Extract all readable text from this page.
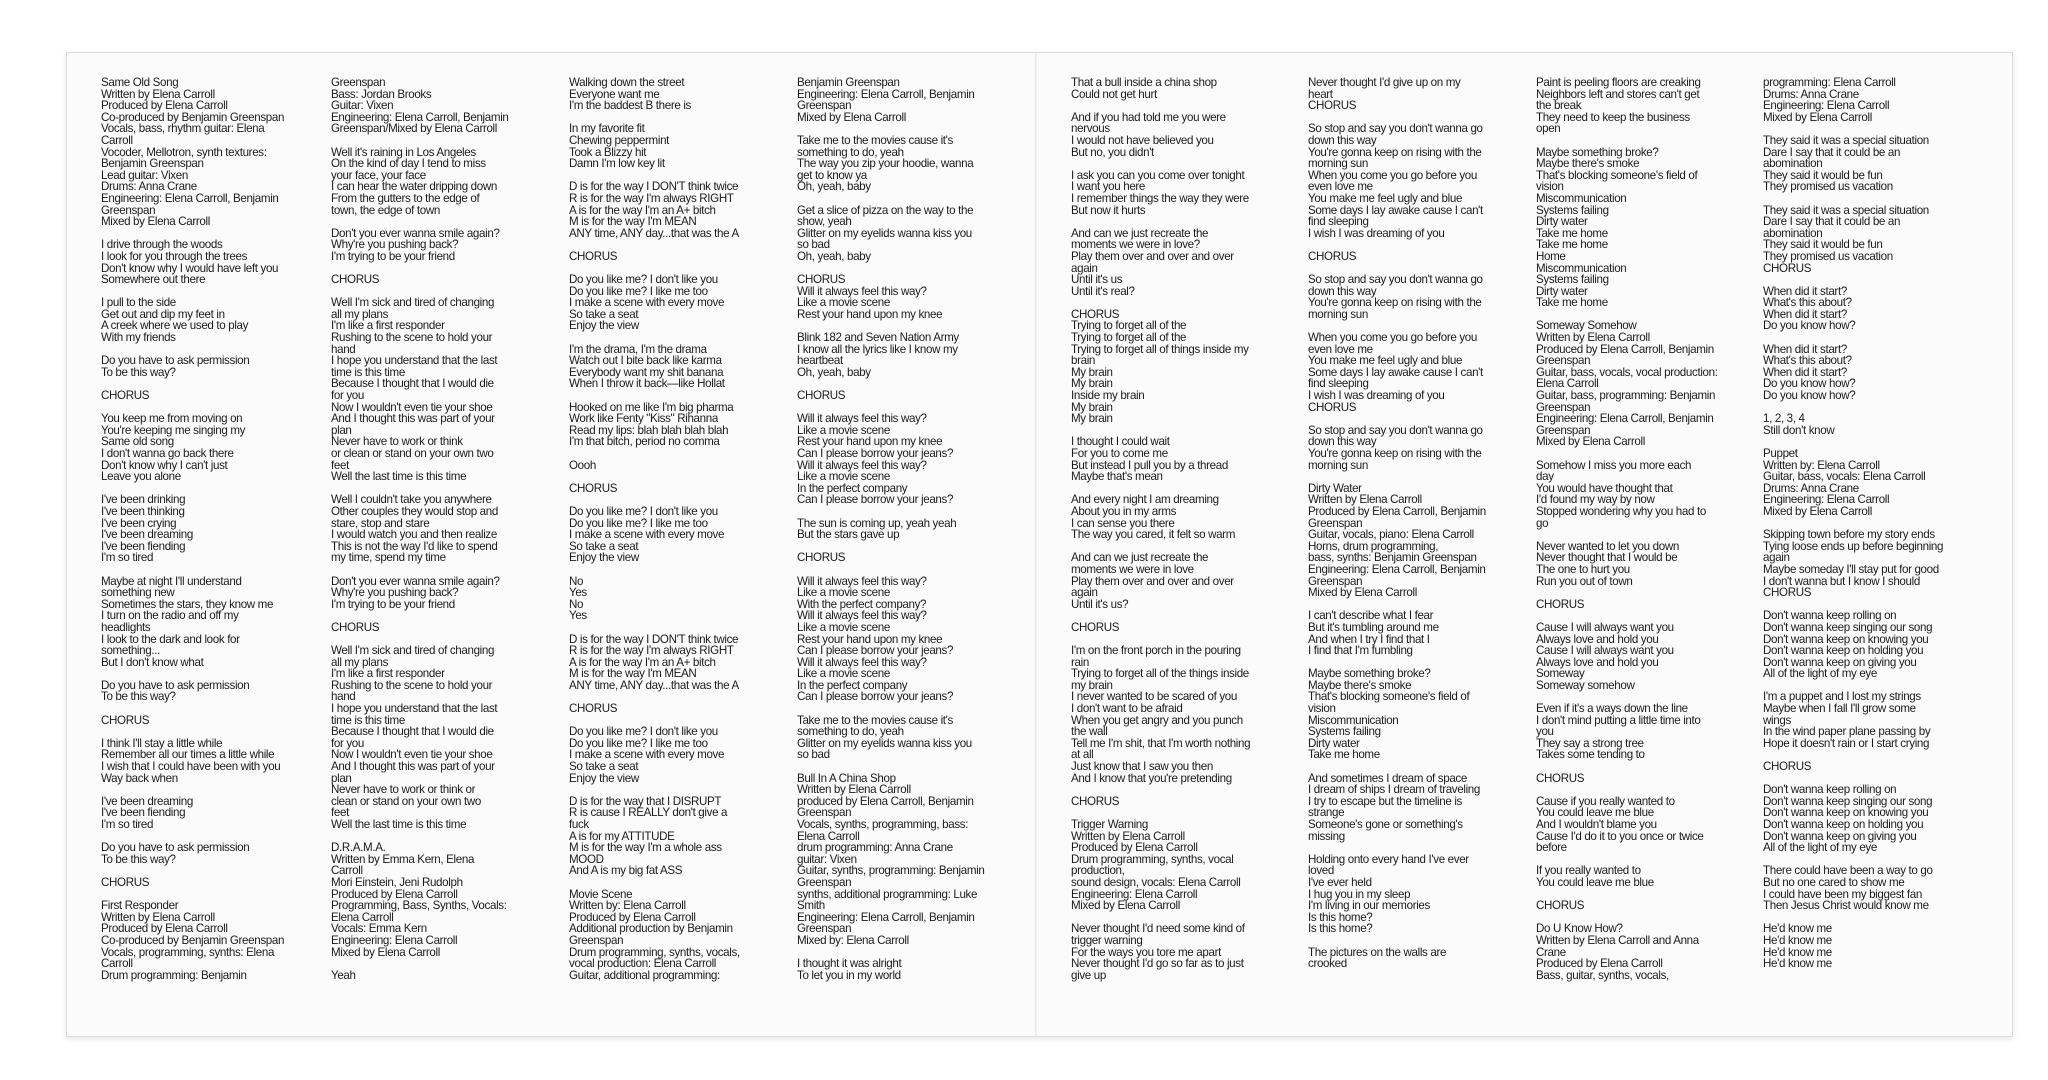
Same Old Song
Written by Elena Carroll
Produced by Elena Carroll
Co-produced by Benjamin Greenspan
Vocals, bass, rhythm guitar: Elena
Carroll
Vocoder, Mellotron, synth textures:
Benjamin Greenspan
Lead guitar: Vixen
Drums: Anna Crane
Engineering: Elena Carroll, Benjamin
Greenspan
Mixed by Elena Carroll
I drive through the woods
I look for you through the trees
Don't know why I would have left you
Somewhere out there
I pull to the side
Get out and dip my feet in
A creek where we used to play
With my friends
Do you have to ask permission
To be this way?
CHORUS
You keep me from moving on
You're keeping me singing my
Same old song
I don't wanna go back there
Don't know why I can't just
Leave you alone
I've been drinking
I've been thinking
I've been crying
I've been dreaming
I've been fiending
I'm so tired
Maybe at night I'll understand
something new
Sometimes the stars, they know me
I turn on the radio and off my
headlights
I look to the dark and look for
something...
But I don't know what
Do you have to ask permission
To be this way?
CHORUS
I think I'll stay a little while
Remember all our times a little while
I wish that I could have been with you
Way back when
I've been dreaming
I've been fiending
I'm so tired
Do you have to ask permission
To be this way?
CHORUS
First Responder
Written by Elena Carroll
Produced by Elena Carroll
Co-produced by Benjamin Greenspan
Vocals, programming, synths: Elena
Carroll
Drum programming: Benjamin
Greenspan
Bass: Jordan Brooks
Guitar: Vixen
Engineering: Elena Carroll, Benjamin
Greenspan/Mixed by Elena Carroll
Well it's raining in Los Angeles
On the kind of day I tend to miss
your face, your face
I can hear the water dripping down
From the gutters to the edge of
town, the edge of town
Don't you ever wanna smile again?
Why're you pushing back?
I'm trying to be your friend
CHORUS
Well I'm sick and tired of changing
all my plans
I'm like a first responder
Rushing to the scene to hold your
hand
I hope you understand that the last
time is this time
Because I thought that I would die
for you
Now I wouldn't even tie your shoe
And I thought this was part of your
plan
Never have to work or think
or clean or stand on your own two
feet
Well the last time is this time
Well I couldn't take you anywhere
Other couples they would stop and
stare, stop and stare
I would watch you and then realize
This is not the way I'd like to spend
my time, spend my time
Don't you ever wanna smile again?
Why're you pushing back?
I'm trying to be your friend
CHORUS
Well I'm sick and tired of changing
all my plans
I'm like a first responder
Rushing to the scene to hold your
hand
I hope you understand that the last
time is this time
Because I thought that I would die
for you
Now I wouldn't even tie your shoe
And I thought this was part of your
plan
Never have to work or think or
clean or stand on your own two
feet
Well the last time is this time
D.R.A.M.A.
Written by Emma Kern, Elena
Carroll
Mori Einstein, Jeni Rudolph
Produced by Elena Carroll
Programming, Bass, Synths, Vocals:
Elena Carroll
Vocals: Emma Kern
Engineering: Elena Carroll
Mixed by Elena Carroll
Yeah
Walking down the street
Everyone want me
I'm the baddest B there is
In my favorite fit
Chewing peppermint
Took a Blizzy hit
Damn I'm low key lit
D is for the way I DON'T think twice
R is for the way I'm always RIGHT
A is for the way I'm an A+ bitch
M is for the way I'm MEAN
ANY time, ANY day...that was the A
CHORUS
Do you like me? I don't like you
Do you like me? I like me too
I make a scene with every move
So take a seat
Enjoy the view
I'm the drama, I'm the drama
Watch out I bite back like karma
Everybody want my shit banana
When I throw it back—like Hollat
Hooked on me like I'm big pharma
Work like Fenty "Kiss" Rihanna
Read my lips: blah blah blah blah
I'm that bitch, period no comma
Oooh
CHORUS
Do you like me? I don't like you
Do you like me? I like me too
I make a scene with every move
So take a seat
Enjoy the view
No
Yes
No
Yes
D is for the way I DON'T think twice
R is for the way I'm always RIGHT
A is for the way I'm an A+ bitch
M is for the way I'm MEAN
ANY time, ANY day...that was the A
CHORUS
Do you like me? I don't like you
Do you like me? I like me too
I make a scene with every move
So take a seat
Enjoy the view
D is for the way that I DISRUPT
R is cause I REALLY don't give a
fuck
A is for my ATTITUDE
M is for the way I'm a whole ass
MOOD
And A is my big fat ASS
Movie Scene
Written by: Elena Carroll
Produced by Elena Carroll
Additional production by Benjamin
Greenspan
Drum programming, synths, vocals,
vocal production: Elena Carroll
Guitar, additional programming:
Benjamin Greenspan
Engineering: Elena Carroll, Benjamin
Greenspan
Mixed by Elena Carroll
Take me to the movies cause it's
something to do, yeah
The way you zip your hoodie, wanna
get to know ya
Oh, yeah, baby
Get a slice of pizza on the way to the
show, yeah
Glitter on my eyelids wanna kiss you
so bad
Oh, yeah, baby
CHORUS
Will it always feel this way?
Like a movie scene
Rest your hand upon my knee
Blink 182 and Seven Nation Army
I know all the lyrics like I know my
heartbeat
Oh, yeah, baby
CHORUS
Will it always feel this way?
Like a movie scene
Rest your hand upon my knee
Can I please borrow your jeans?
Will it always feel this way?
Like a movie scene
In the perfect company
Can I please borrow your jeans?
The sun is coming up, yeah yeah
But the stars gave up
CHORUS
Will it always feel this way?
Like a movie scene
With the perfect company?
Will it always feel this way?
Like a movie scene
Rest your hand upon my knee
Can I please borrow your jeans?
Will it always feel this way?
Like a movie scene
In the perfect company
Can I please borrow your jeans?
Take me to the movies cause it's
something to do, yeah
Glitter on my eyelids wanna kiss you
so bad
Bull In A China Shop
Written by Elena Carroll
produced by Elena Carroll, Benjamin
Greenspan
Vocals, synths, programming, bass:
Elena Carroll
drum programming: Anna Crane
guitar: Vixen
Guitar, synths, programming: Benjamin
Greenspan
synths, additional programming: Luke
Smith
Engineering: Elena Carroll, Benjamin
Greenspan
Mixed by: Elena Carroll
I thought it was alright
To let you in my world
That a bull inside a china shop
Could not get hurt
And if you had told me you were
nervous
I would not have believed you
But no, you didn't
I ask you can you come over tonight
I want you here
I remember things the way they were
But now it hurts
And can we just recreate the
moments we were in love?
Play them over and over and over
again
Until it's us
Until it's real?
CHORUS
Trying to forget all of the
Trying to forget all of the
Trying to forget all of things inside my
brain
My brain
My brain
Inside my brain
My brain
My brain
I thought I could wait
For you to come me
But instead I pull you by a thread
Maybe that's mean
And every night I am dreaming
About you in my arms
I can sense you there
The way you cared, it felt so warm
And can we just recreate the
moments we were in love
Play them over and over and over
again
Until it's us?
CHORUS
I'm on the front porch in the pouring
rain
Trying to forget all of the things inside
my brain
I never wanted to be scared of you
I don't want to be afraid
When you get angry and you punch
the wall
Tell me I'm shit, that I'm worth nothing
at all
Just know that I saw you then
And I know that you're pretending
CHORUS
Trigger Warning
Written by Elena Carroll
Produced by Elena Carroll
Drum programming, synths, vocal
production,
sound design, vocals: Elena Carroll
Engineering: Elena Carroll
Mixed by Elena Carroll
Never thought I'd need some kind of
trigger warning
For the ways you tore me apart
Never thought I'd go so far as to just
give up
Never thought I'd give up on my
heart
CHORUS
So stop and say you don't wanna go
down this way
You're gonna keep on rising with the
morning sun
When you come you go before you
even love me
You make me feel ugly and blue
Some days I lay awake cause I can't
find sleeping
I wish I was dreaming of you
CHORUS
So stop and say you don't wanna go
down this way
You're gonna keep on rising with the
morning sun
When you come you go before you
even love me
You make me feel ugly and blue
Some days I lay awake cause I can't
find sleeping
I wish I was dreaming of you
CHORUS
So stop and say you don't wanna go
down this way
You're gonna keep on rising with the
morning sun
Dirty Water
Written by Elena Carroll
Produced by Elena Carroll, Benjamin
Greenspan
Guitar, vocals, piano: Elena Carroll
Horns, drum programming,
bass, synths: Benjamin Greenspan
Engineering: Elena Carroll, Benjamin
Greenspan
Mixed by Elena Carroll
I can't describe what I fear
But it's tumbling around me
And when I try I find that I
I find that I'm fumbling
Maybe something broke?
Maybe there's smoke
That's blocking someone's field of
vision
Miscommunication
Systems failing
Dirty water
Take me home
And sometimes I dream of space
I dream of ships I dream of traveling
I try to escape but the timeline is
strange
Someone's gone or something's
missing
Holding onto every hand I've ever
loved
I've ever held
I hug you in my sleep
I'm living in our memories
Is this home?
Is this home?
The pictures on the walls are
crooked
Paint is peeling floors are creaking
Neighbors left and stores can't get
the break
They need to keep the business
open
Maybe something broke?
Maybe there's smoke
That's blocking someone's field of
vision
Miscommunication
Systems failing
Dirty water
Take me home
Take me home
Home
Miscommunication
Systems failing
Dirty water
Take me home
Someway Somehow
Written by Elena Carroll
Produced by Elena Carroll, Benjamin
Greenspan
Guitar, bass, vocals, vocal production:
Elena Carroll
Guitar, bass, programming: Benjamin
Greenspan
Engineering: Elena Carroll, Benjamin
Greenspan
Mixed by Elena Carroll
Somehow I miss you more each
day
You would have thought that
I'd found my way by now
Stopped wondering why you had to
go
Never wanted to let you down
Never thought that I would be
The one to hurt you
Run you out of town
CHORUS
Cause I will always want you
Always love and hold you
Cause I will always want you
Always love and hold you
Someway
Someway somehow
Even if it's a ways down the line
I don't mind putting a little time into
you
They say a strong tree
Takes some tending to
CHORUS
Cause if you really wanted to
You could leave me blue
And I wouldn't blame you
Cause I'd do it to you once or twice
before
If you really wanted to
You could leave me blue
CHORUS
Do U Know How?
Written by Elena Carroll and Anna
Crane
Produced by Elena Carroll
Bass, guitar, synths, vocals,
programming: Elena Carroll
Drums: Anna Crane
Engineering: Elena Carroll
Mixed by Elena Carroll
They said it was a special situation
Dare I say that it could be an
abomination
They said it would be fun
They promised us vacation
They said it was a special situation
Dare I say that it could be an
abomination
They said it would be fun
They promised us vacation
CHORUS
When did it start?
What's this about?
When did it start?
Do you know how?
When did it start?
What's this about?
When did it start?
Do you know how?
Do you know how?
1, 2, 3, 4
Still don't know
Puppet
Written by: Elena Carroll
Guitar, bass, vocals: Elena Carroll
Drums: Anna Crane
Engineering: Elena Carroll
Mixed by Elena Carroll
Skipping town before my story ends
Tying loose ends up before beginning
again
Maybe someday I'll stay put for good
I don't wanna but I know I should
CHORUS
Don't wanna keep rolling on
Don't wanna keep singing our song
Don't wanna keep on knowing you
Don't wanna keep on holding you
Don't wanna keep on giving you
All of the light of my eye
I'm a puppet and I lost my strings
Maybe when I fall I'll grow some
wings
In the wind paper plane passing by
Hope it doesn't rain or I start crying
CHORUS
Don't wanna keep rolling on
Don't wanna keep singing our song
Don't wanna keep on knowing you
Don't wanna keep on holding you
Don't wanna keep on giving you
All of the light of my eye
There could have been a way to go
But no one cared to show me
I could have been my biggest fan
Then Jesus Christ would know me
He'd know me
He'd know me
He'd know me
He'd know me
